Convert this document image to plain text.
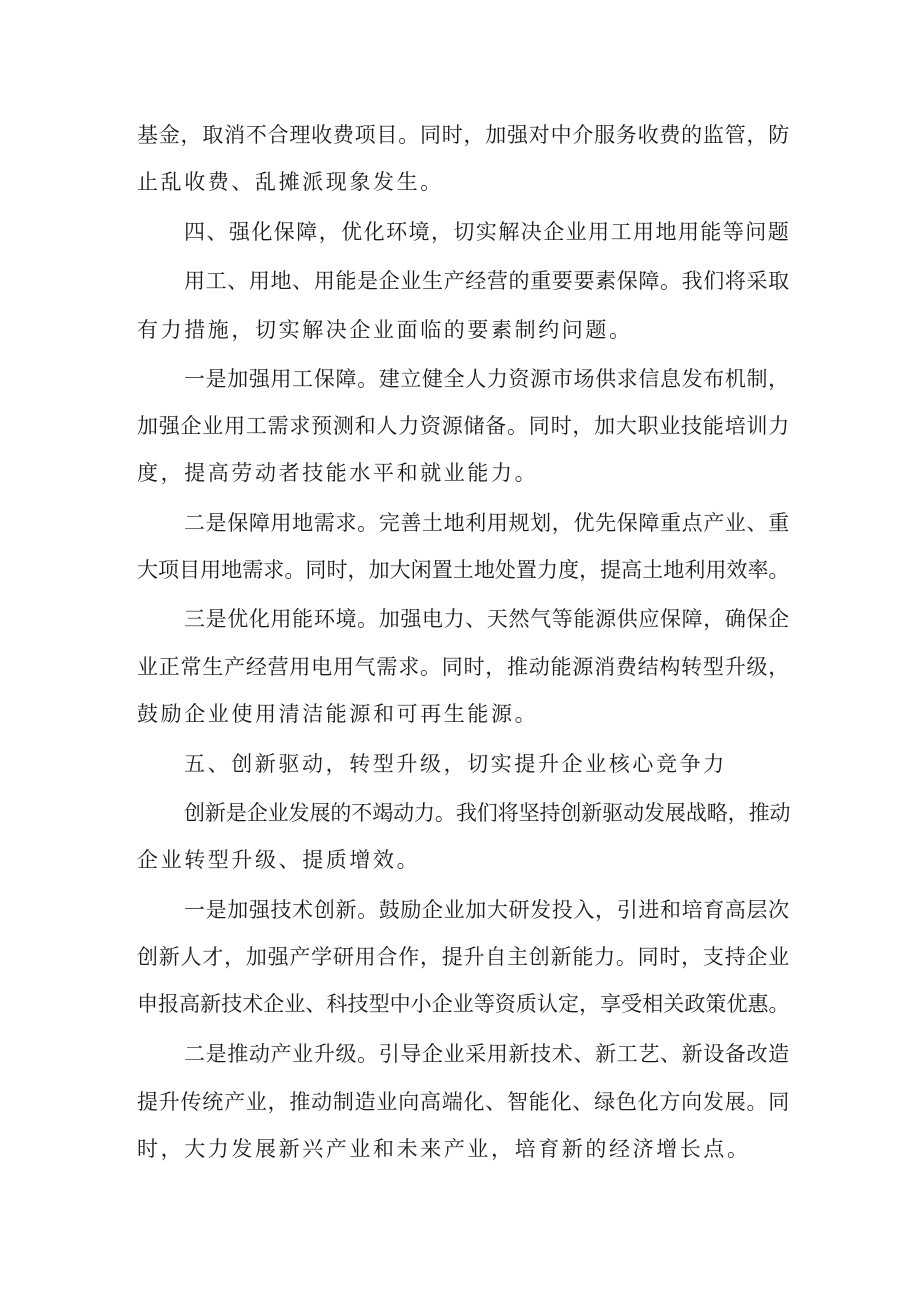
基金，取消不合理收费项目。同时，加强对中介服务收费的监管，防
止乱收费、乱摊派现象发生。
四、强化保障，优化环境，切实解决企业用工用地用能等问题
用工、用地、用能是企业生产经营的重要要素保障。我们将采取
有力措施，切实解决企业面临的要素制约问题。
一是加强用工保障。建立健全人力资源市场供求信息发布机制，
加强企业用工需求预测和人力资源储备。同时，加大职业技能培训力
度，提高劳动者技能水平和就业能力。
二是保障用地需求。完善土地利用规划，优先保障重点产业、重
大项目用地需求。同时，加大闲置土地处置力度，提高土地利用效率。
三是优化用能环境。加强电力、天然气等能源供应保障，确保企
业正常生产经营用电用气需求。同时，推动能源消费结构转型升级，
鼓励企业使用清洁能源和可再生能源。
五、创新驱动，转型升级，切实提升企业核心竞争力
创新是企业发展的不竭动力。我们将坚持创新驱动发展战略，推动
企业转型升级、提质增效。
一是加强技术创新。鼓励企业加大研发投入，引进和培育高层次
创新人才，加强产学研用合作，提升自主创新能力。同时，支持企业
申报高新技术企业、科技型中小企业等资质认定，享受相关政策优惠。
二是推动产业升级。引导企业采用新技术、新工艺、新设备改造
提升传统产业，推动制造业向高端化、智能化、绿色化方向发展。同
时，大力发展新兴产业和未来产业，培育新的经济增长点。
